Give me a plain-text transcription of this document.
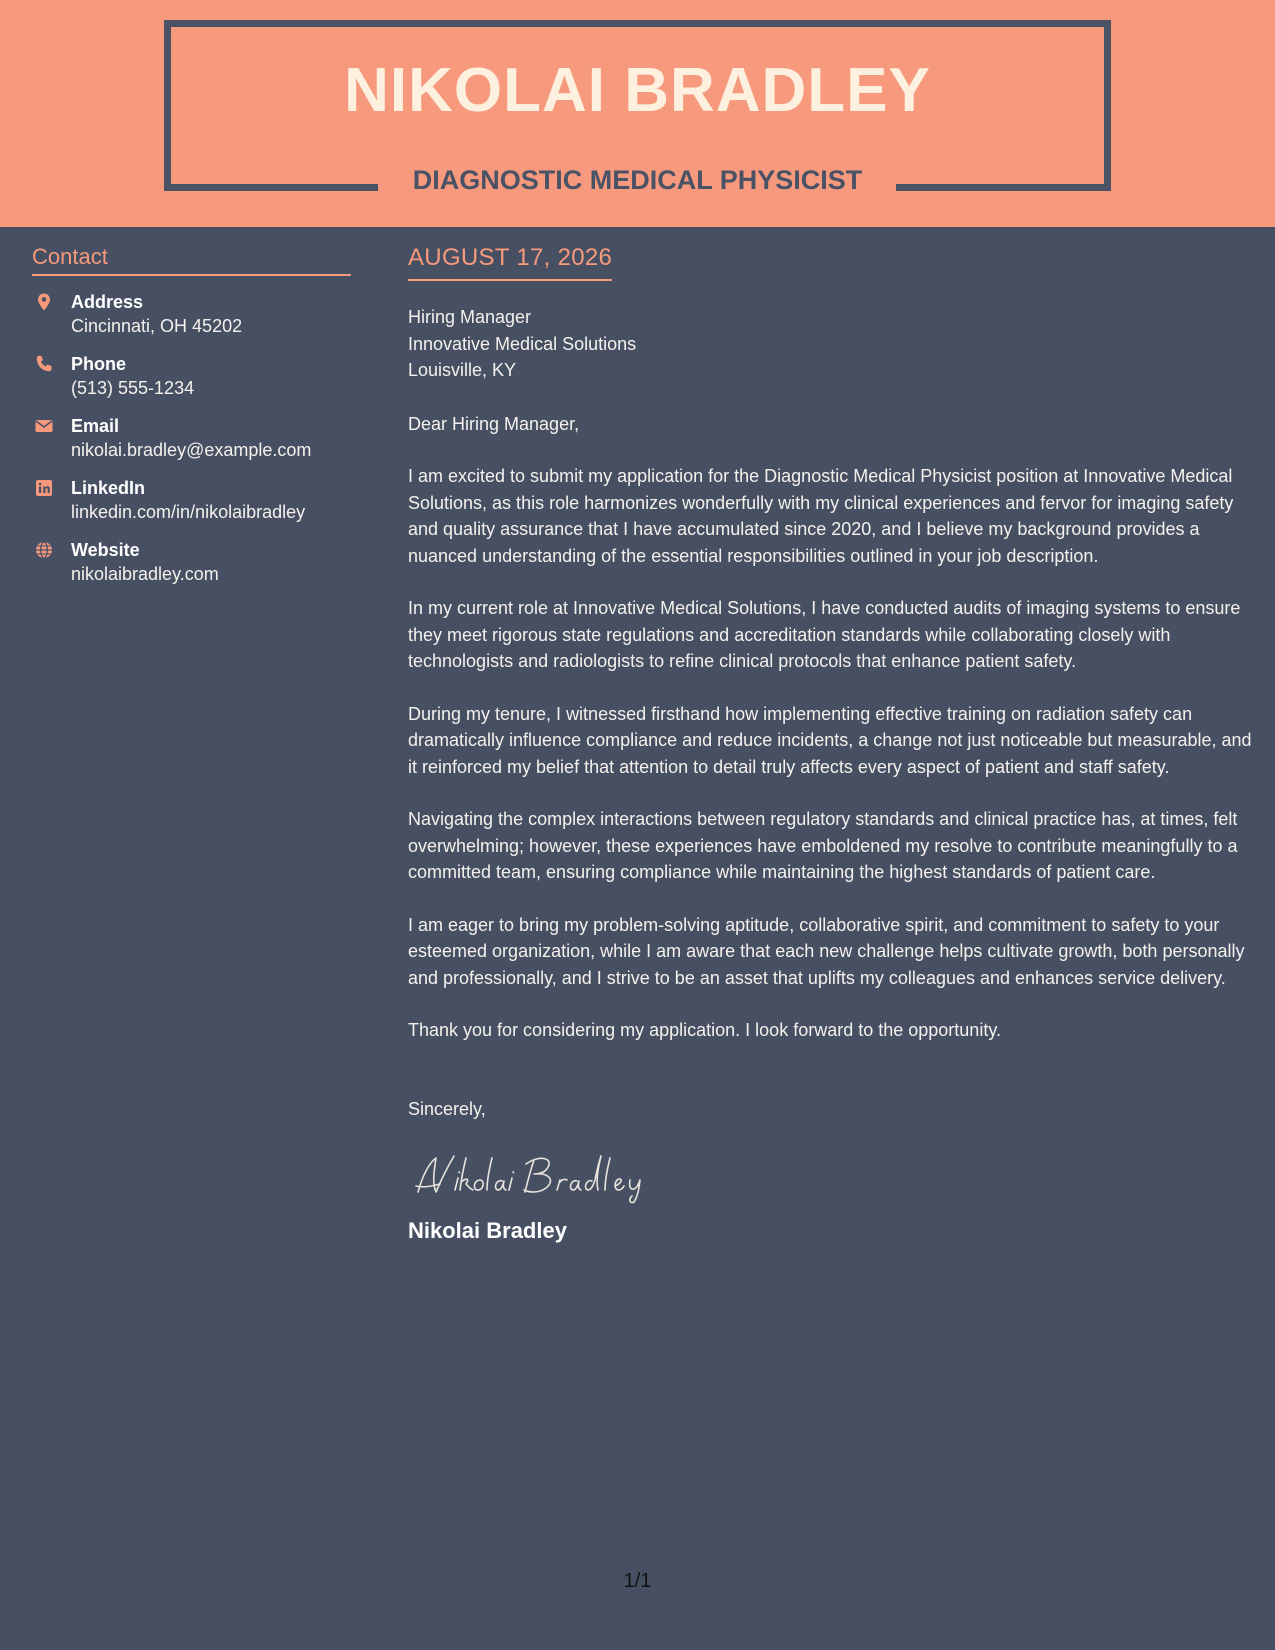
NIKOLAI BRADLEY
DIAGNOSTIC MEDICAL PHYSICIST
Contact
Address
Cincinnati, OH 45202
Phone
(513) 555-1234
Email
nikolai.bradley@example.com
LinkedIn
linkedin.com/in/nikolaibradley
Website
nikolaibradley.com
AUGUST 17, 2026
Hiring Manager
Innovative Medical Solutions
Louisville, KY
Dear Hiring Manager,

I am excited to submit my application for the Diagnostic Medical Physicist position at Innovative Medical Solutions, as this role harmonizes wonderfully with my clinical experiences and fervor for imaging safety and quality assurance that I have accumulated since 2020, and I believe my background provides a nuanced understanding of the essential responsibilities outlined in your job description.

In my current role at Innovative Medical Solutions, I have conducted audits of imaging systems to ensure they meet rigorous state regulations and accreditation standards while collaborating closely with technologists and radiologists to refine clinical protocols that enhance patient safety.

During my tenure, I witnessed firsthand how implementing effective training on radiation safety can dramatically influence compliance and reduce incidents, a change not just noticeable but measurable, and it reinforced my belief that attention to detail truly affects every aspect of patient and staff safety.

Navigating the complex interactions between regulatory standards and clinical practice has, at times, felt overwhelming; however, these experiences have emboldened my resolve to contribute meaningfully to a committed team, ensuring compliance while maintaining the highest standards of patient care.

I am eager to bring my problem-solving aptitude, collaborative spirit, and commitment to safety to your esteemed organization, while I am aware that each new challenge helps cultivate growth, both personally and professionally, and I strive to be an asset that uplifts my colleagues and enhances service delivery.

Thank you for considering my application. I look forward to the opportunity.

Sincerely,
Nikolai Bradley
1/1
